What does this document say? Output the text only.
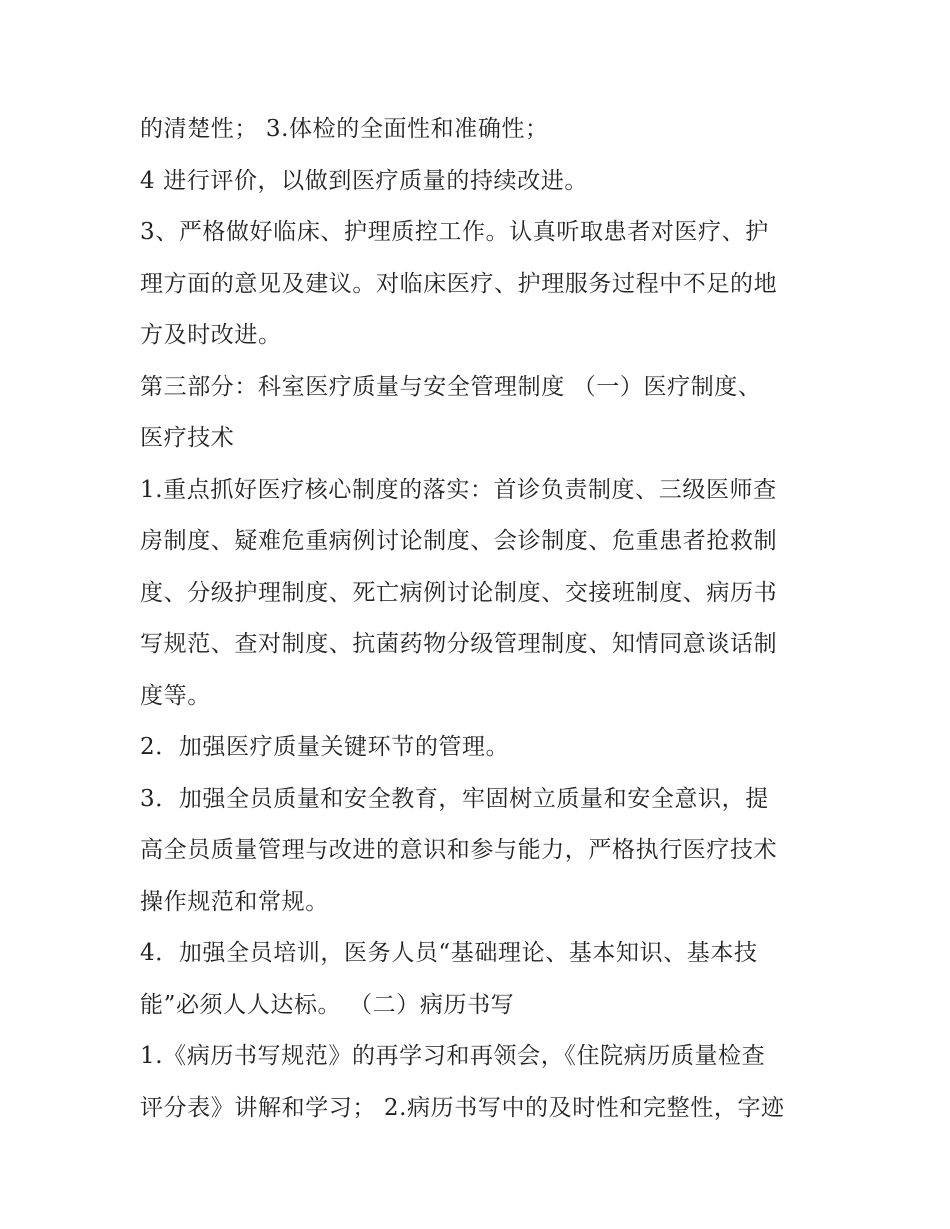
的清楚性； 3.体检的全面性和准确性；
4 进行评价，以做到医疗质量的持续改进。
3、严格做好临床、护理质控工作。认真听取患者对医疗、护
理方面的意见及建议。对临床医疗、护理服务过程中不足的地
方及时改进。
第三部分：科室医疗质量与安全管理制度 （一）医疗制度、
医疗技术
1.重点抓好医疗核心制度的落实：首诊负责制度、三级医师查
房制度、疑难危重病例讨论制度、会诊制度、危重患者抢救制
度、分级护理制度、死亡病例讨论制度、交接班制度、病历书
写规范、查对制度、抗菌药物分级管理制度、知情同意谈话制
度等。
2．加强医疗质量关键环节的管理。
3．加强全员质量和安全教育，牢固树立质量和安全意识，提
高全员质量管理与改进的意识和参与能力，严格执行医疗技术
操作规范和常规。
4．加强全员培训，医务人员“基础理论、基本知识、基本技
能”必须人人达标。 （二）病历书写
1.《病历书写规范》的再学习和再领会，《住院病历质量检查
评分表》讲解和学习； 2.病历书写中的及时性和完整性，字迹
